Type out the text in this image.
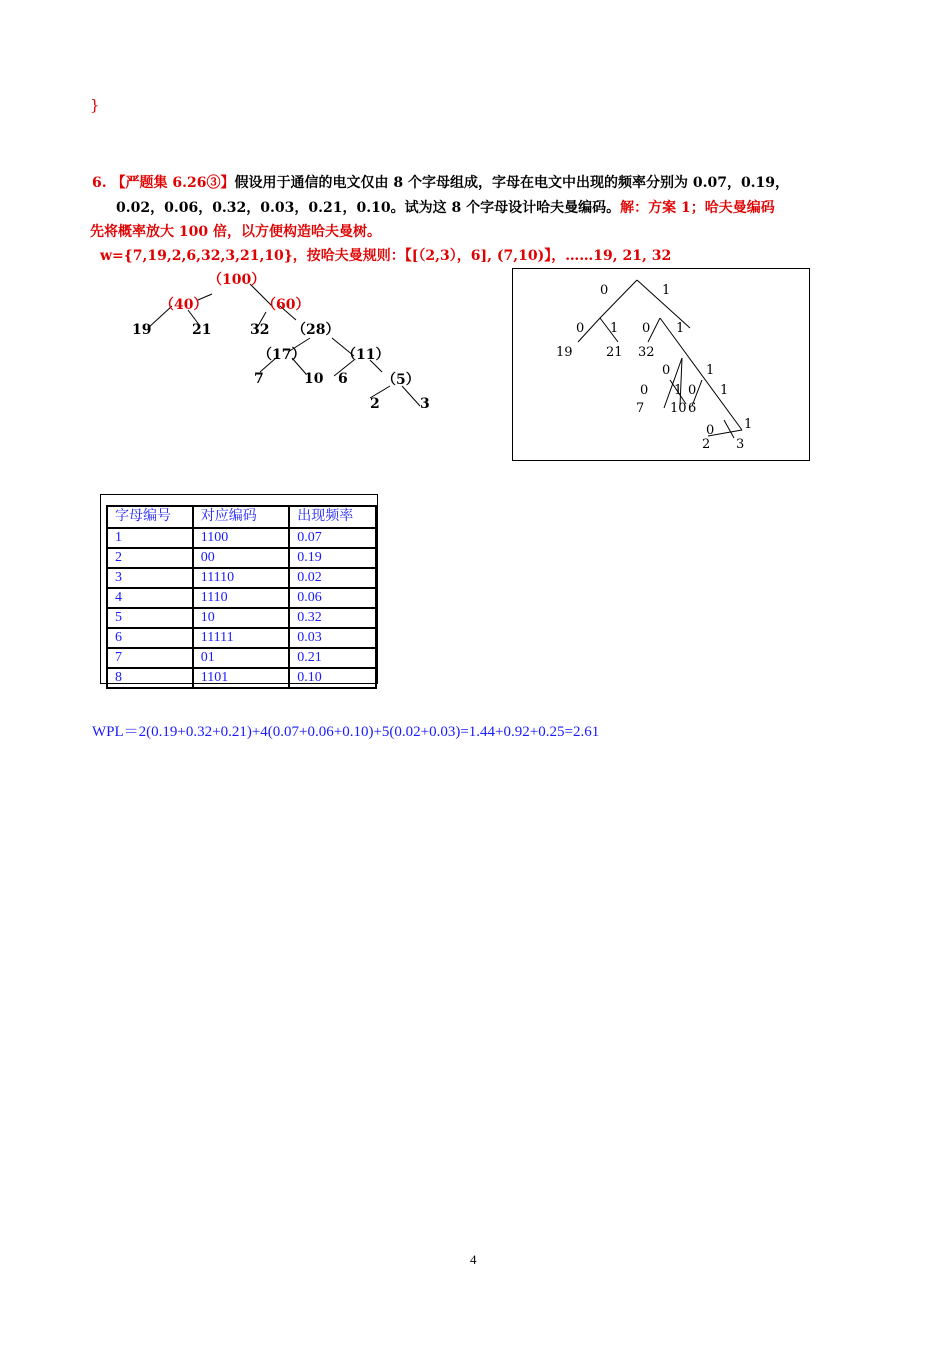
}
6. 【严题集 6.26③】假设用于通信的电文仅由 8 个字母组成，字母在电文中出现的频率分别为 0.07，0.19，
0.02，0.06，0.32，0.03，0.21，0.10。试为这 8 个字母设计哈夫曼编码。解：方案 1；哈夫曼编码
先将概率放大 100 倍，以方便构造哈夫曼树。
w={7,19,2,6,32,3,21,10}，按哈夫曼规则：【[（2,3），6], (7,10)】，……19, 21, 32
（100）
（40）	（60）
（28）
（17）	（11）
（5）
19	21	32
7	10 6
2	3
0	1
0 1 0 1
1
0
0 1 0 1
0 1
19	21 32
7 10 6
2 3
字母编号	对应编码	出现频率
1	1100	0.07
2	00	0.19
3	11110	0.02
4	1110	0.06
5	10	0.32
6	11111	0.03
7	01	0.21
8	1101	0.10
WPL＝2(0.19+0.32+0.21)+4(0.07+0.06+0.10)+5(0.02+0.03)=1.44+0.92+0.25=2.61
4
